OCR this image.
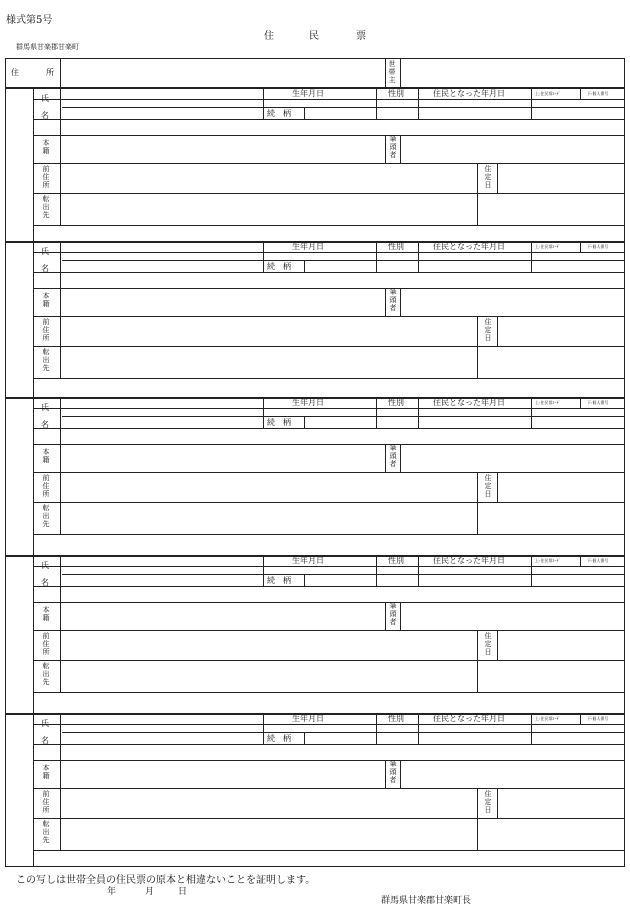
様式第5号
住	民	票
群馬県甘楽郡甘楽町
住	所
世帯主
氏
名
生年月日	性別	住民となった年月日	上:住民票ｺｰﾄﾞ	下:個人番号
続　柄
本籍
筆頭者
前住所
住定日
転出先
氏
名
生年月日	性別	住民となった年月日	上:住民票ｺｰﾄﾞ	下:個人番号
続　柄
本籍
筆頭者
前住所
住定日
転出先
氏
名
生年月日	性別	住民となった年月日	上:住民票ｺｰﾄﾞ	下:個人番号
続　柄
本籍
筆頭者
前住所
住定日
転出先
氏
名
生年月日	性別	住民となった年月日	上:住民票ｺｰﾄﾞ	下:個人番号
続　柄
本籍
筆頭者
前住所
住定日
転出先
氏
名
生年月日	性別	住民となった年月日	上:住民票ｺｰﾄﾞ	下:個人番号
続　柄
本籍
筆頭者
前住所
住定日
転出先
この写しは世帯全員の住民票の原本と相違ないことを証明します。
年	月	日
群馬県甘楽郡甘楽町長
